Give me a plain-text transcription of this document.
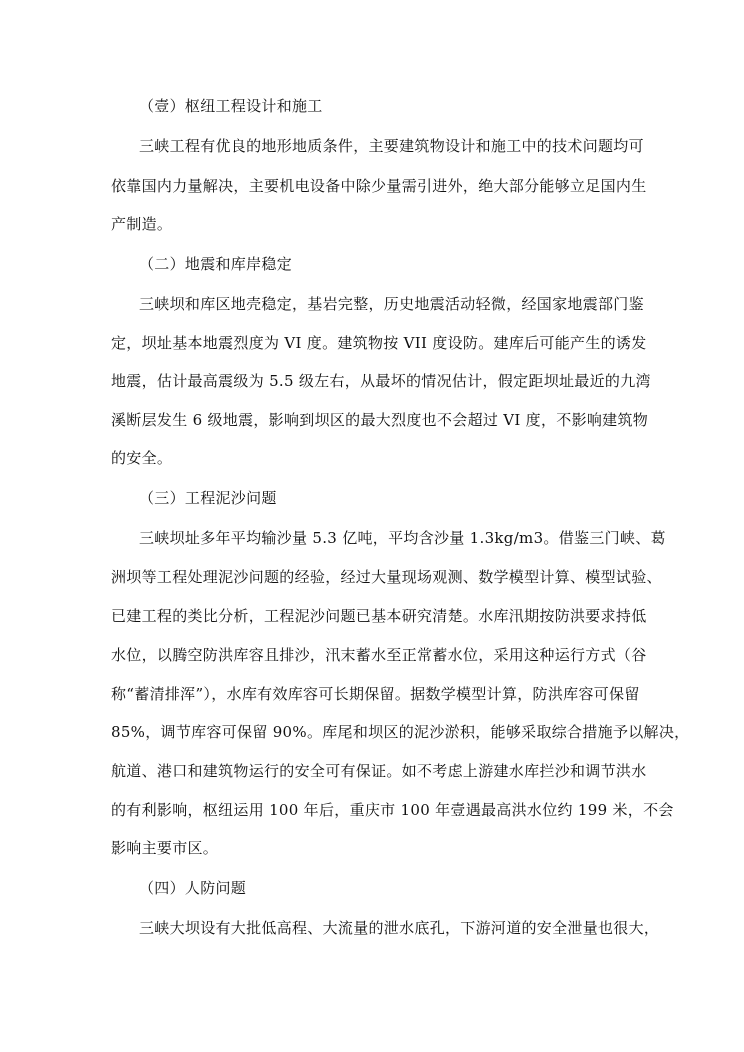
（壹）枢纽工程设计和施工
三峡工程有优良的地形地质条件，主要建筑物设计和施工中的技术问题均可
依靠国内力量解决，主要机电设备中除少量需引进外，绝大部分能够立足国内生
产制造。
（二）地震和库岸稳定
三峡坝和库区地壳稳定，基岩完整，历史地震活动轻微，经国家地震部门鉴
定，坝址基本地震烈度为 VI 度。建筑物按 VII 度设防。建库后可能产生的诱发
地震，估计最高震级为 5.5 级左右，从最坏的情况估计，假定距坝址最近的九湾
溪断层发生 6 级地震，影响到坝区的最大烈度也不会超过 VI 度，不影响建筑物
的安全。
（三）工程泥沙问题
三峡坝址多年平均输沙量 5.3 亿吨，平均含沙量 1.3kg/m3。借鉴三门峡、葛
洲坝等工程处理泥沙问题的经验，经过大量现场观测、数学模型计算、模型试验、
已建工程的类比分析，工程泥沙问题已基本研究清楚。水库汛期按防洪要求持低
水位，以腾空防洪库容且排沙，汛末蓄水至正常蓄水位，采用这种运行方式（谷
称“蓄清排浑”），水库有效库容可长期保留。据数学模型计算，防洪库容可保留
85%，调节库容可保留 90%。库尾和坝区的泥沙淤积，能够采取综合措施予以解决，
航道、港口和建筑物运行的安全可有保证。如不考虑上游建水库拦沙和调节洪水
的有利影响，枢纽运用 100 年后，重庆市 100 年壹遇最高洪水位约 199 米，不会
影响主要市区。
（四）人防问题
三峡大坝设有大批低高程、大流量的泄水底孔，下游河道的安全泄量也很大，
